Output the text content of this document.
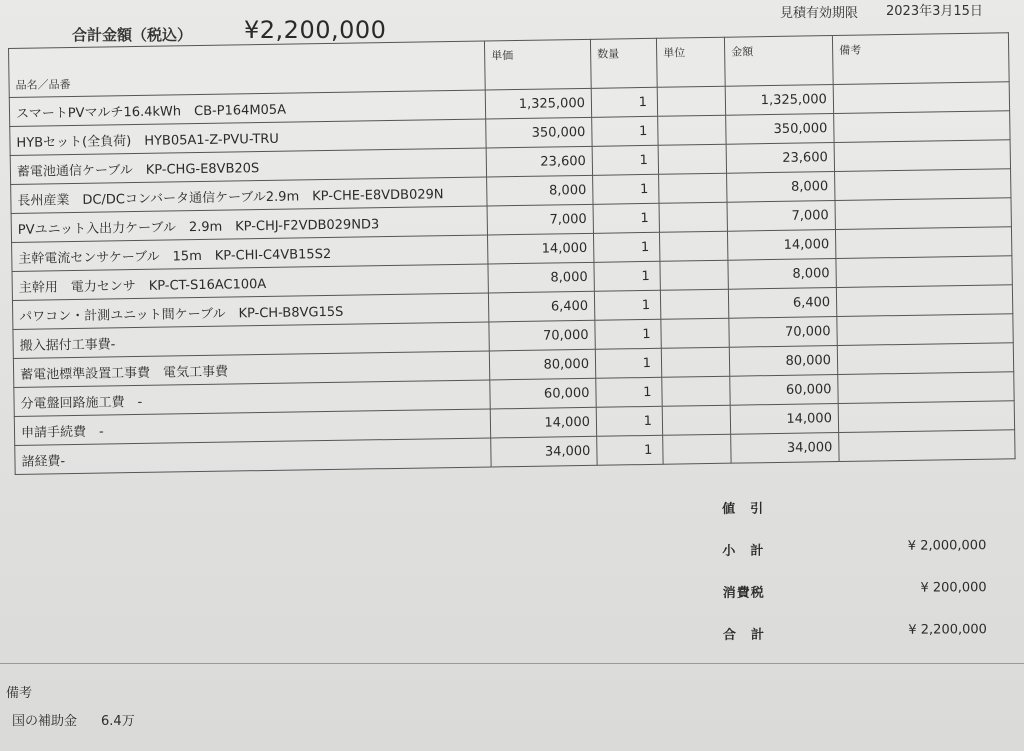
合計金額（税込） ¥2,200,000
見積有効期限 2023年3月15日
品名／品番	単価	数量	単位	金額	備考
スマートPVマルチ16.4kWh　CB-P164M05A	1,325,000	1		1,325,000	
HYBセット(全負荷)　HYB05A1-Z-PVU-TRU	350,000	1		350,000	
蓄電池通信ケーブル　KP-CHG-E8VB20S	23,600	1		23,600	
長州産業　DC/DCコンバータ通信ケーブル2.9m　KP-CHE-E8VDB029N	8,000	1		8,000	
PVユニット入出力ケーブル　2.9m　KP-CHJ-F2VDB029ND3	7,000	1		7,000	
主幹電流センサケーブル　15m　KP-CHI-C4VB15S2	14,000	1		14,000	
主幹用　電力センサ　KP-CT-S16AC100A	8,000	1		8,000	
パワコン・計測ユニット間ケーブル　KP-CH-B8VG15S	6,400	1		6,400	
搬入据付工事費-	70,000	1		70,000	
蓄電池標準設置工事費　電気工事費	80,000	1		80,000	
分電盤回路施工費　-	60,000	1		60,000	
申請手続費　-	14,000	1		14,000	
諸経費-	34,000	1		34,000	
値　引
小　計	¥ 2,000,000
消費税	¥ 200,000
合　計	¥ 2,200,000
備考
国の補助金 6.4万
